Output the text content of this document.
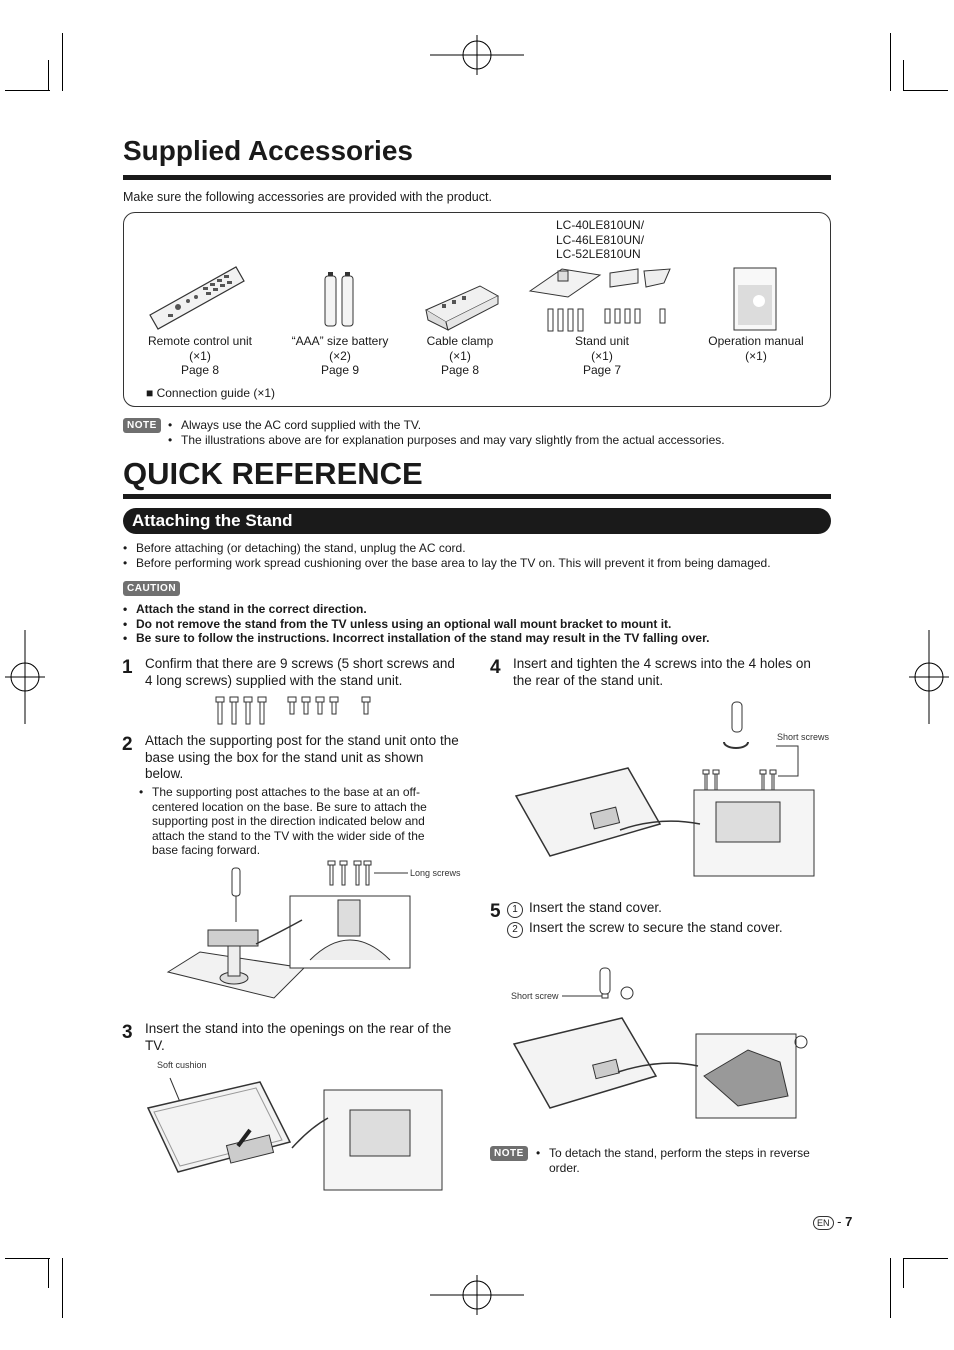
Supplied Accessories
Make sure the following accessories are provided with the product.
LC-40LE810UN/
LC-46LE810UN/
LC-52LE810UN
Remote control unit
(×1)
Page 8
“AAA” size battery
(×2)
Page 9
Cable clamp
(×1)
Page 8
Stand unit
(×1)
Page 7
Operation manual
(×1)
■ Connection guide (×1)
NOTE	• Always use the AC cord supplied with the TV.
• The illustrations above are for explanation purposes and may vary slightly from the actual accessories.
QUICK REFERENCE
Attaching the Stand
• Before attaching (or detaching) the stand, unplug the AC cord.
• Before performing work spread cushioning over the base area to lay the TV on. This will prevent it from being damaged.
CAUTION
• Attach the stand in the correct direction.
• Do not remove the stand from the TV unless using an optional wall mount bracket to mount it.
• Be sure to follow the instructions. Incorrect installation of the stand may result in the TV falling over.
1 Confirm that there are 9 screws (5 short screws and 4 long screws) supplied with the stand unit.
2 Attach the supporting post for the stand unit onto the base using the box for the stand unit as shown below.
• The supporting post attaches to the base at an off-centered location on the base. Be sure to attach the supporting post in the direction indicated below and attach the stand to the TV with the wider side of the base facing forward.
Long screws
3 Insert the stand into the openings on the rear of the TV.
Soft cushion
4 Insert and tighten the 4 screws into the 4 holes on the rear of the stand unit.
Short screws
5	1 Insert the stand cover.
2 Insert the screw to secure the stand cover.
Short screw
NOTE	• To detach the stand, perform the steps in reverse order.
EN - 7
